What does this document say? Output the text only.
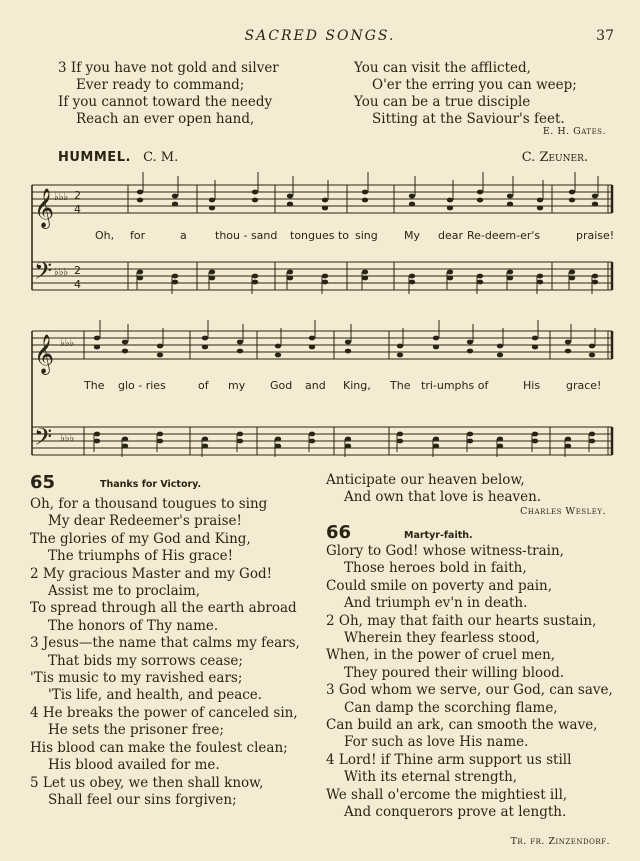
SACRED SONGS.	37
3 If you have not gold and silver
Ever ready to command;
If you cannot toward the needy
Reach an ever open hand,
You can visit the afflicted,
O'er the erring you can weep;
You can be a true disciple
Sitting at the Saviour's feet.
E. H. Gates.
HUMMEL. C. M.	C. Zeuner.
𝄞
𝄢
𝄞
𝄢
♭♭♭
♭♭♭
♭♭♭
♭♭♭
2
4
2
4
Oh, for	a	thou - sand tongues to sing My dear Re-deem-er's	praise!
The glo - ries	of my God and King, The tri-umphs of	His grace!
65	Thanks for Victory.
Oh, for a thousand tougues to sing
My dear Redeemer's praise!
The glories of my God and King,
The triumphs of His grace!
2 My gracious Master and my God!
Assist me to proclaim,
To spread through all the earth abroad
The honors of Thy name.
3 Jesus—the name that calms my fears,
That bids my sorrows cease;
'Tis music to my ravished ears;
'Tis life, and health, and peace.
4 He breaks the power of canceled sin,
He sets the prisoner free;
His blood can make the foulest clean;
His blood availed for me.
5 Let us obey, we then shall know,
Shall feel our sins forgiven;
Anticipate our heaven below,
And own that love is heaven.
Charles Wesley.
66	Martyr-faith.
Glory to God! whose witness-train,
Those heroes bold in faith,
Could smile on poverty and pain,
And triumph ev'n in death.
2 Oh, may that faith our hearts sustain,
Wherein they fearless stood,
When, in the power of cruel men,
They poured their willing blood.
3 God whom we serve, our God, can save,
Can damp the scorching flame,
Can build an ark, can smooth the wave,
For such as love His name.
4 Lord! if Thine arm support us still
With its eternal strength,
We shall o'ercome the mightiest ill,
And conquerors prove at length.
Tr. fr. Zinzendorf.
